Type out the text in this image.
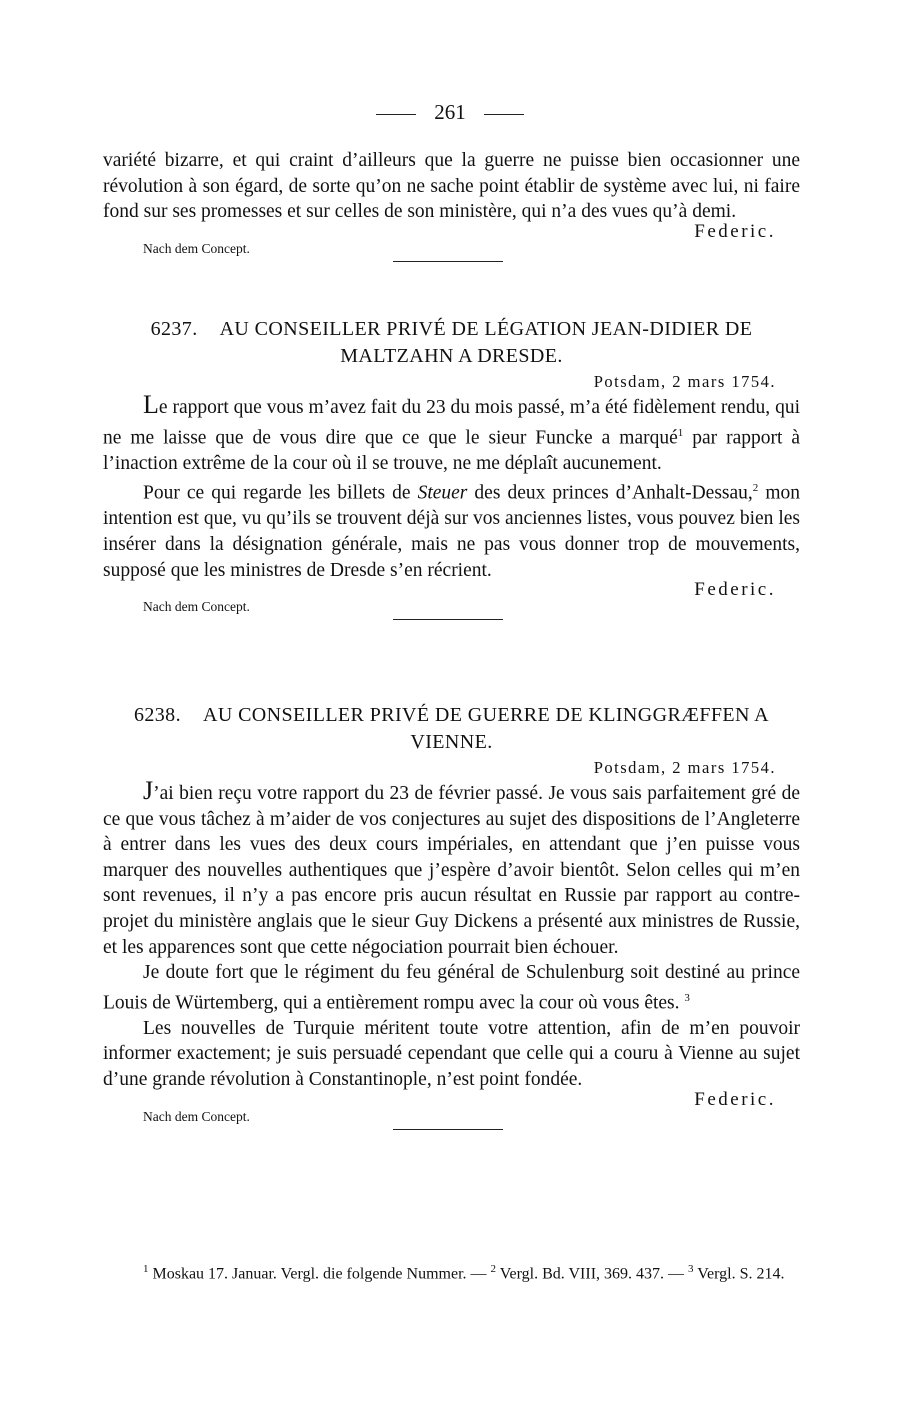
261

variété bizarre, et qui craint d’ailleurs que la guerre ne puisse bien occasionner une révolution à son égard, de sorte qu’on ne sache point établir de système avec lui, ni faire fond sur ses promesses et sur celles de son ministère, qui n’a des vues qu’à demi.

Federic.
Nach dem Concept.
6237. AU CONSEILLER PRIVÉ DE LÉGATION JEAN-DIDIER DE MALTZAHN A DRESDE.
Potsdam, 2 mars 1754.

Le rapport que vous m’avez fait du 23 du mois passé, m’a été fidèlement rendu, qui ne me laisse que de vous dire que ce que le sieur Funcke a marqué$^1$ par rapport à l’inaction extrême de la cour où il se trouve, ne me déplaît aucunement.

Pour ce qui regarde les billets de Steuer des deux princes d’Anhalt-Dessau,$^2$ mon intention est que, vu qu’ils se trouvent déjà sur vos anciennes listes, vous pouvez bien les insérer dans la désignation générale, mais ne pas vous donner trop de mouvements, supposé que les ministres de Dresde s’en récrient.

Federic.
Nach dem Concept.
6238. AU CONSEILLER PRIVÉ DE GUERRE DE KLINGGRÆFFEN A VIENNE.
Potsdam, 2 mars 1754.

J’ai bien reçu votre rapport du 23 de février passé. Je vous sais parfaitement gré de ce que vous tâchez à m’aider de vos conjectures au sujet des dispositions de l’Angleterre à entrer dans les vues des deux cours impériales, en attendant que j’en puisse vous marquer des nouvelles authentiques que j’espère d’avoir bientôt. Selon celles qui m’en sont revenues, il n’y a pas encore pris aucun résultat en Russie par rapport au contre-projet du ministère anglais que le sieur Guy Dickens a présenté aux ministres de Russie, et les apparences sont que cette négociation pourrait bien échouer.

Je doute fort que le régiment du feu général de Schulenburg soit destiné au prince Louis de Würtemberg, qui a entièrement rompu avec la cour où vous êtes. $^3$

Les nouvelles de Turquie méritent toute votre attention, afin de m’en pouvoir informer exactement; je suis persuadé cependant que celle qui a couru à Vienne au sujet d’une grande révolution à Constantinople, n’est point fondée.

Federic.
Nach dem Concept.
$^1$ Moskau 17. Januar. Vergl. die folgende Nummer. — $^2$ Vergl. Bd. VIII, 369. 437. — $^3$ Vergl. S. 214.
